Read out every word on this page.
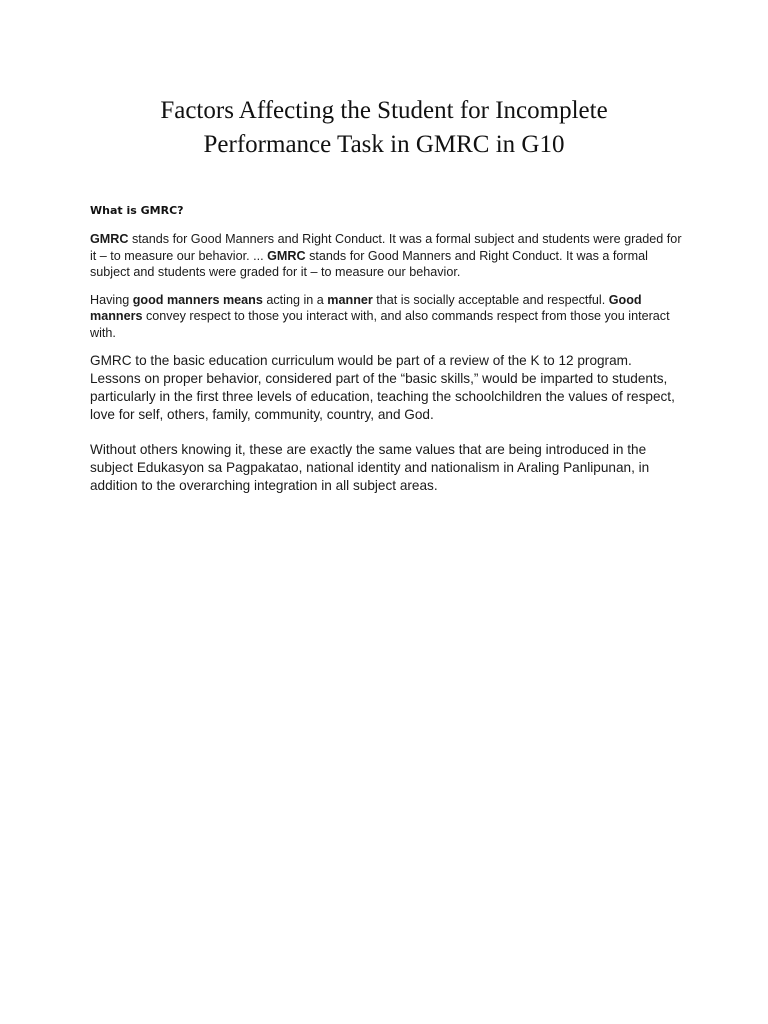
Factors Affecting the Student for Incomplete
Performance Task in GMRC in G10

What is GMRC?

GMRC stands for Good Manners and Right Conduct. It was a formal subject and students were graded for it – to measure our behavior. ... GMRC stands for Good Manners and Right Conduct. It was a formal subject and students were graded for it – to measure our behavior.

Having good manners means acting in a manner that is socially acceptable and respectful. Good manners convey respect to those you interact with, and also commands respect from those you interact with.

GMRC to the basic education curriculum would be part of a review of the K to 12 program. Lessons on proper behavior, considered part of the “basic skills,” would be imparted to students, particularly in the first three levels of education, teaching the schoolchildren the values of respect, love for self, others, family, community, country, and God.

Without others knowing it, these are exactly the same values that are being introduced in the subject Edukasyon sa Pagpakatao, national identity and nationalism in Araling Panlipunan, in addition to the overarching integration in all subject areas.
